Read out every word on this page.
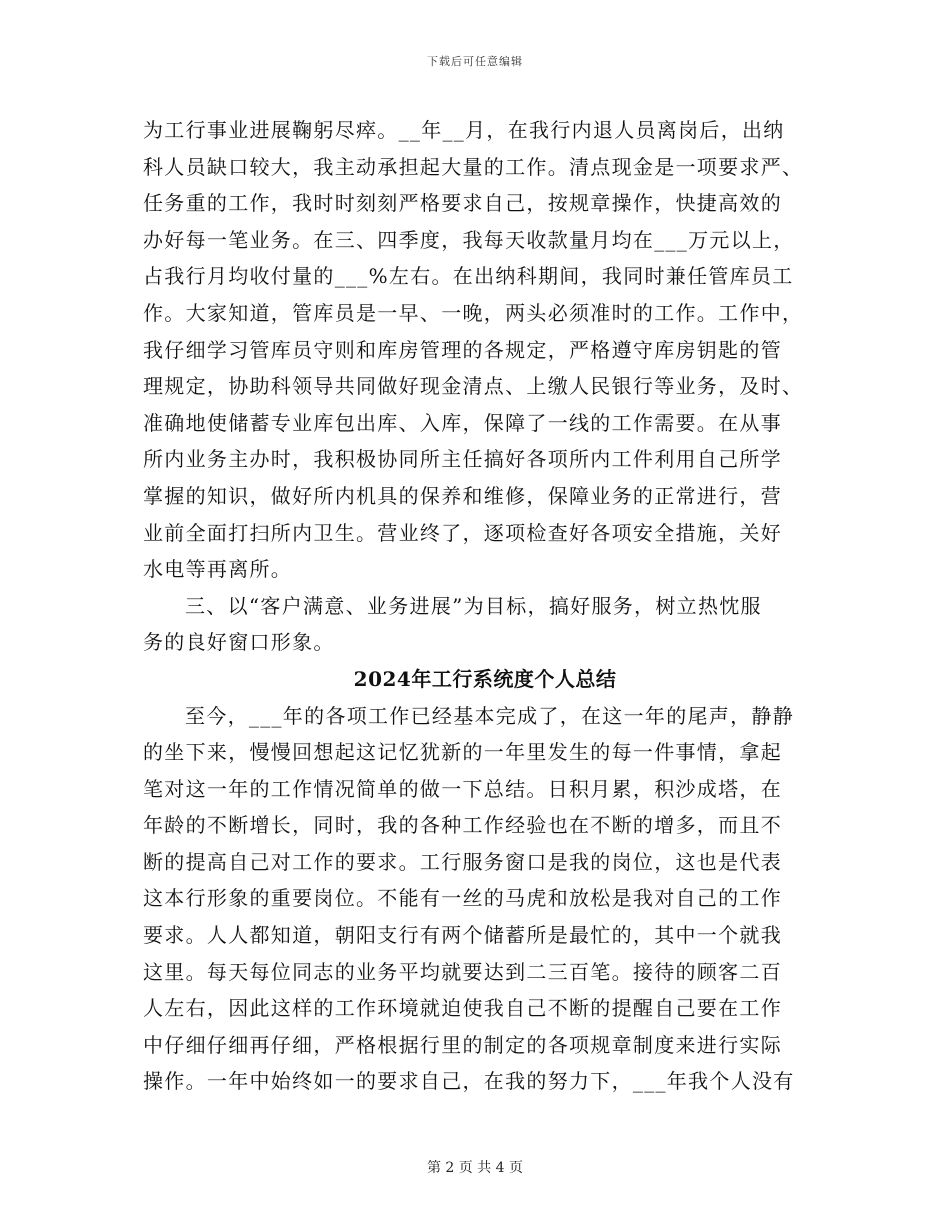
下载后可任意编辑
为工行事业进展鞠躬尽瘁。__年__月，在我行内退人员离岗后，出纳
科人员缺口较大，我主动承担起大量的工作。清点现金是一项要求严、
任务重的工作，我时时刻刻严格要求自己，按规章操作，快捷高效的
办好每一笔业务。在三、四季度，我每天收款量月均在___万元以上，
占我行月均收付量的___%左右。在出纳科期间，我同时兼任管库员工
作。大家知道，管库员是一早、一晚，两头必须准时的工作。工作中，
我仔细学习管库员守则和库房管理的各规定，严格遵守库房钥匙的管
理规定，协助科领导共同做好现金清点、上缴人民银行等业务，及时、
准确地使储蓄专业库包出库、入库，保障了一线的工作需要。在从事
所内业务主办时，我积极协同所主任搞好各项所内工件利用自己所学
掌握的知识，做好所内机具的保养和维修，保障业务的正常进行，营
业前全面打扫所内卫生。营业终了，逐项检查好各项安全措施，关好
水电等再离所。
三、以“客户满意、业务进展”为目标，搞好服务，树立热忱服
务的良好窗口形象。
2024年工行系统度个人总结
至今，___年的各项工作已经基本完成了，在这一年的尾声，静静
的坐下来，慢慢回想起这记忆犹新的一年里发生的每一件事情，拿起
笔对这一年的工作情况简单的做一下总结。日积月累，积沙成塔，在
年龄的不断增长，同时，我的各种工作经验也在不断的增多，而且不
断的提高自己对工作的要求。工行服务窗口是我的岗位，这也是代表
这本行形象的重要岗位。不能有一丝的马虎和放松是我对自己的工作
要求。人人都知道，朝阳支行有两个储蓄所是最忙的，其中一个就我
这里。每天每位同志的业务平均就要达到二三百笔。接待的顾客二百
人左右，因此这样的工作环境就迫使我自己不断的提醒自己要在工作
中仔细仔细再仔细，严格根据行里的制定的各项规章制度来进行实际
操作。一年中始终如一的要求自己，在我的努力下，___年我个人没有
第 2 页 共 4 页
